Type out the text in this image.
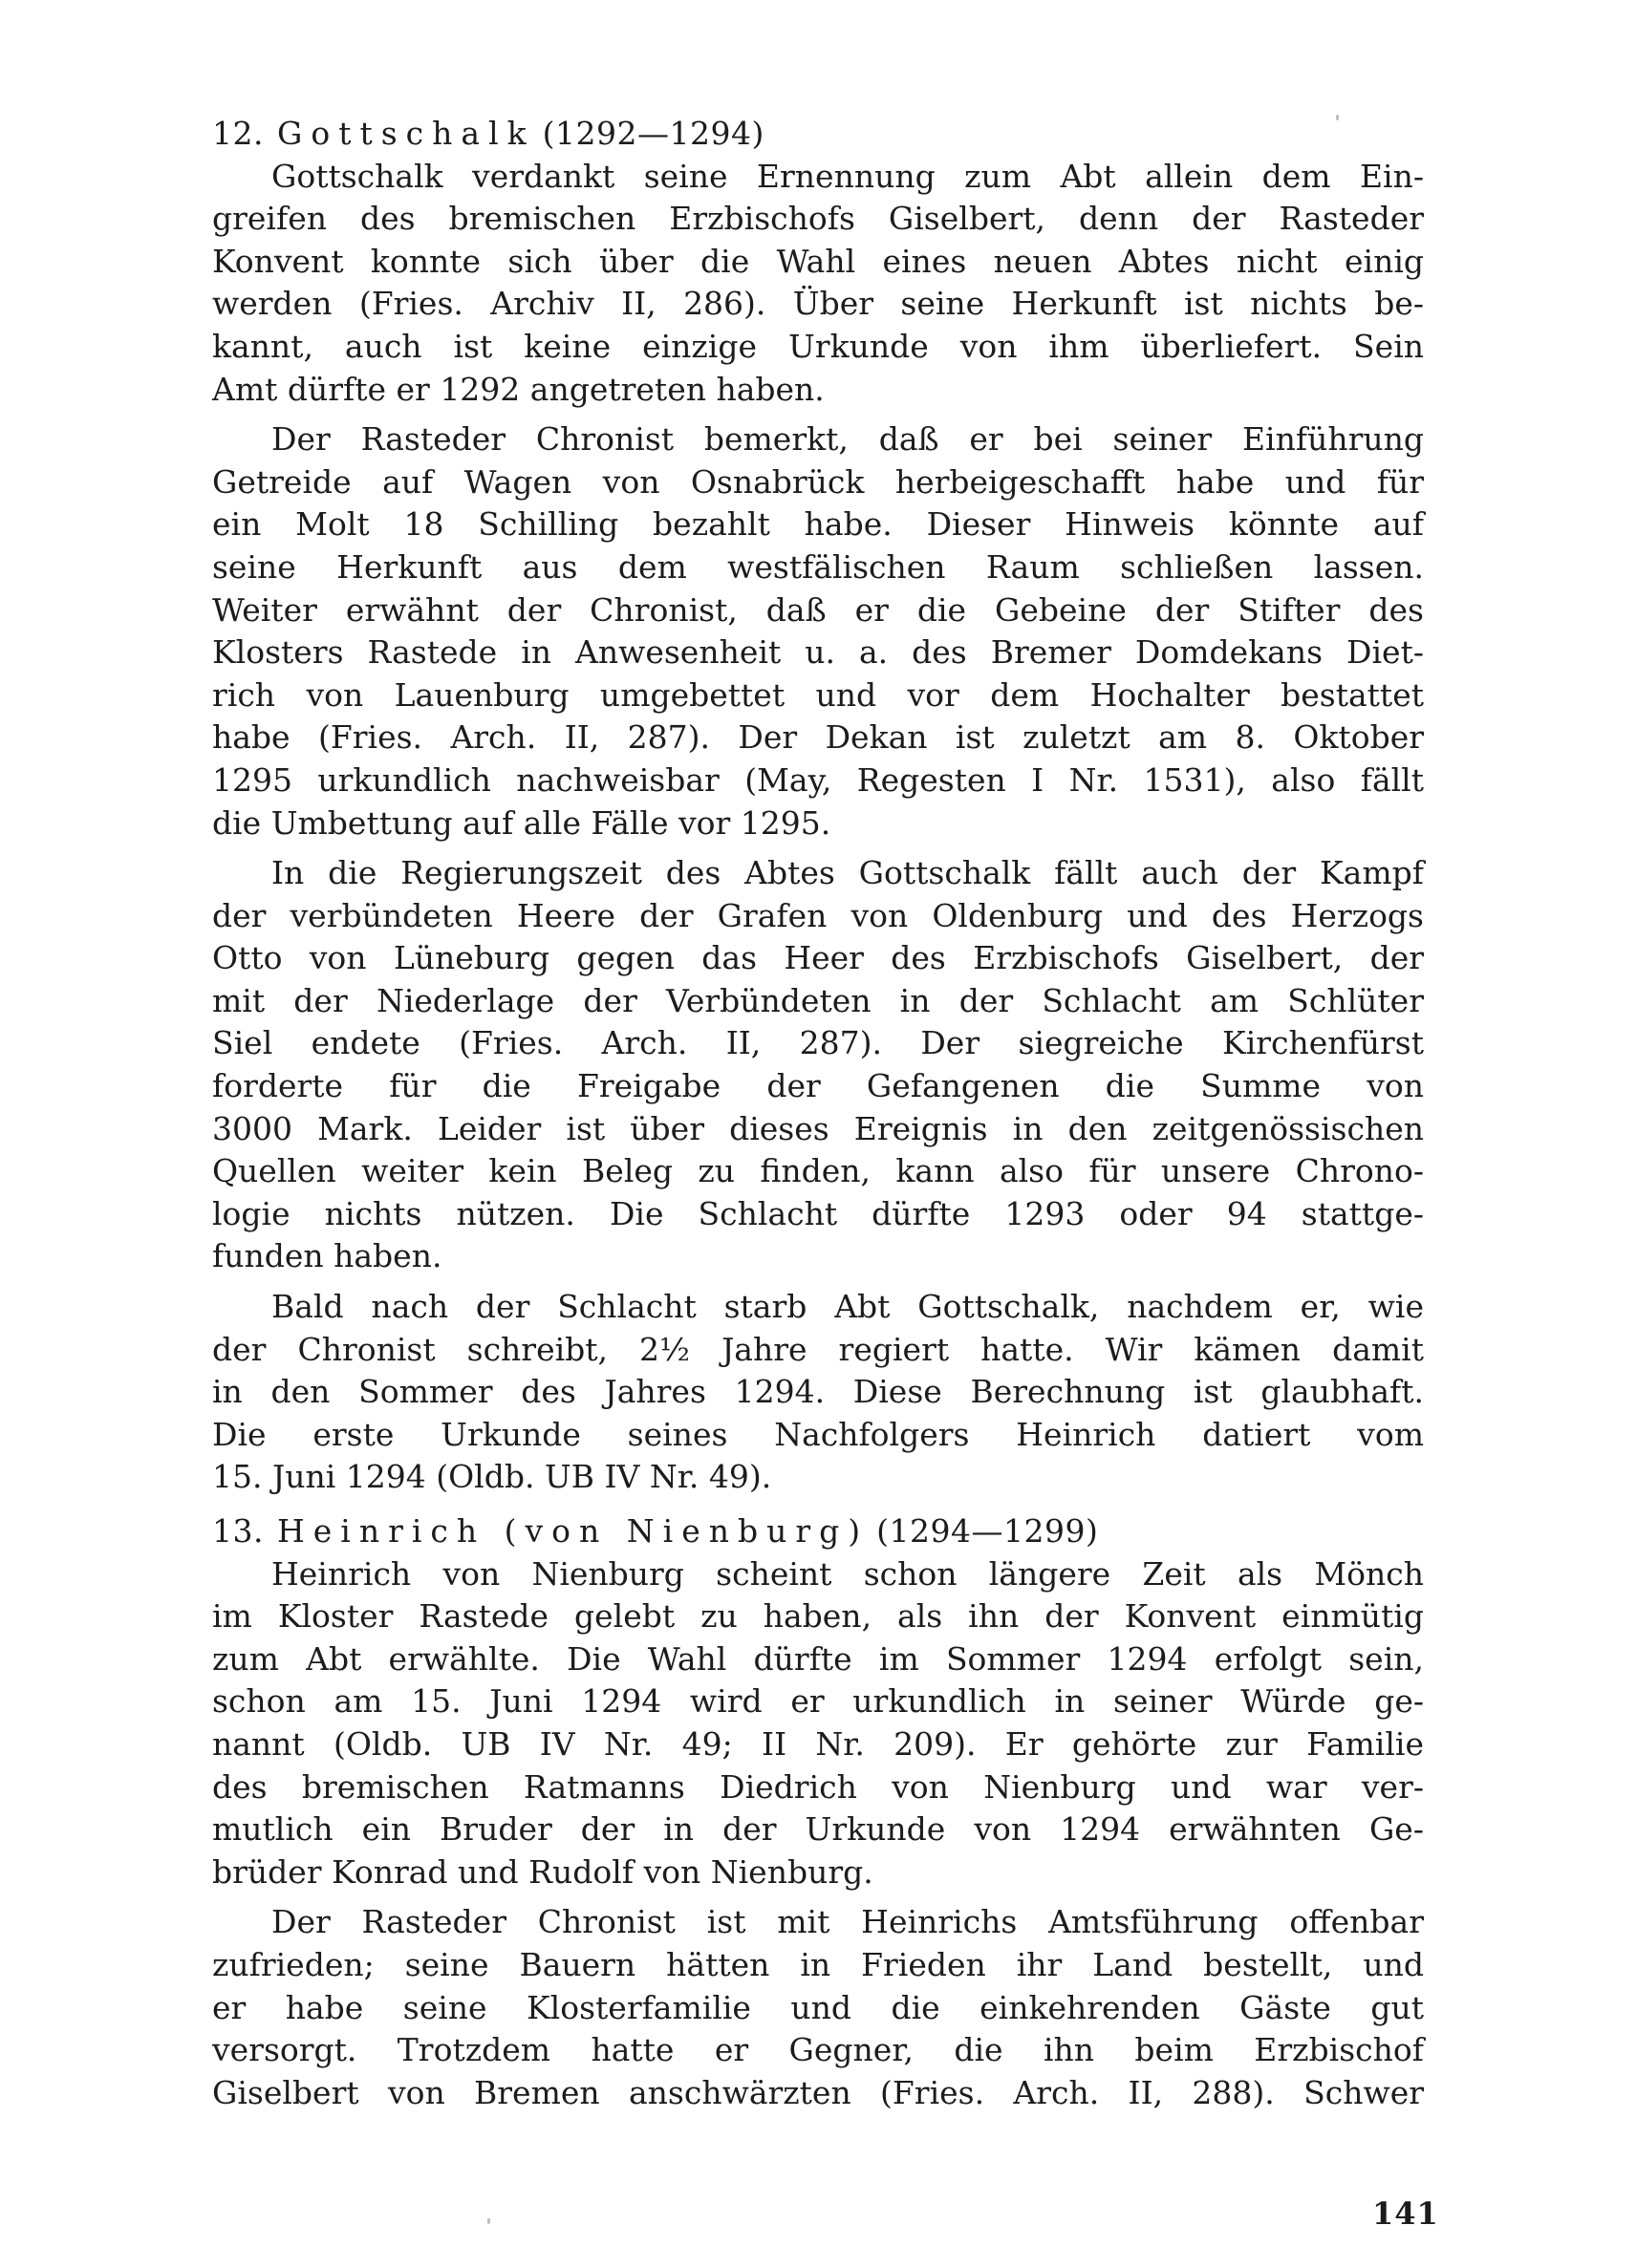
12. Gottschalk (1292—1294)

Gottschalk verdankt seine Ernennung zum Abt allein dem Ein-
greifen des bremischen Erzbischofs Giselbert, denn der Rasteder
Konvent konnte sich über die Wahl eines neuen Abtes nicht einig
werden (Fries. Archiv II, 286). Über seine Herkunft ist nichts be-
kannt, auch ist keine einzige Urkunde von ihm überliefert. Sein
Amt dürfte er 1292 angetreten haben.

Der Rasteder Chronist bemerkt, daß er bei seiner Einführung
Getreide auf Wagen von Osnabrück herbeigeschafft habe und für
ein Molt 18 Schilling bezahlt habe. Dieser Hinweis könnte auf
seine Herkunft aus dem westfälischen Raum schließen lassen.
Weiter erwähnt der Chronist, daß er die Gebeine der Stifter des
Klosters Rastede in Anwesenheit u. a. des Bremer Domdekans Diet-
rich von Lauenburg umgebettet und vor dem Hochalter bestattet
habe (Fries. Arch. II, 287). Der Dekan ist zuletzt am 8. Oktober
1295 urkundlich nachweisbar (May, Regesten I Nr. 1531), also fällt
die Umbettung auf alle Fälle vor 1295.

In die Regierungszeit des Abtes Gottschalk fällt auch der Kampf
der verbündeten Heere der Grafen von Oldenburg und des Herzogs
Otto von Lüneburg gegen das Heer des Erzbischofs Giselbert, der
mit der Niederlage der Verbündeten in der Schlacht am Schlüter
Siel endete (Fries. Arch. II, 287). Der siegreiche Kirchenfürst
forderte für die Freigabe der Gefangenen die Summe von
3000 Mark. Leider ist über dieses Ereignis in den zeitgenössischen
Quellen weiter kein Beleg zu finden, kann also für unsere Chrono-
logie nichts nützen. Die Schlacht dürfte 1293 oder 94 stattge-
funden haben.

Bald nach der Schlacht starb Abt Gottschalk, nachdem er, wie
der Chronist schreibt, 2½ Jahre regiert hatte. Wir kämen damit
in den Sommer des Jahres 1294. Diese Berechnung ist glaubhaft.
Die erste Urkunde seines Nachfolgers Heinrich datiert vom
15. Juni 1294 (Oldb. UB IV Nr. 49).

13. Heinrich (von Nienburg) (1294—1299)

Heinrich von Nienburg scheint schon längere Zeit als Mönch
im Kloster Rastede gelebt zu haben, als ihn der Konvent einmütig
zum Abt erwählte. Die Wahl dürfte im Sommer 1294 erfolgt sein,
schon am 15. Juni 1294 wird er urkundlich in seiner Würde ge-
nannt (Oldb. UB IV Nr. 49; II Nr. 209). Er gehörte zur Familie
des bremischen Ratmanns Diedrich von Nienburg und war ver-
mutlich ein Bruder der in der Urkunde von 1294 erwähnten Ge-
brüder Konrad und Rudolf von Nienburg.

Der Rasteder Chronist ist mit Heinrichs Amtsführung offenbar
zufrieden; seine Bauern hätten in Frieden ihr Land bestellt, und
er habe seine Klosterfamilie und die einkehrenden Gäste gut
versorgt. Trotzdem hatte er Gegner, die ihn beim Erzbischof
Giselbert von Bremen anschwärzten (Fries. Arch. II, 288). Schwer

141
